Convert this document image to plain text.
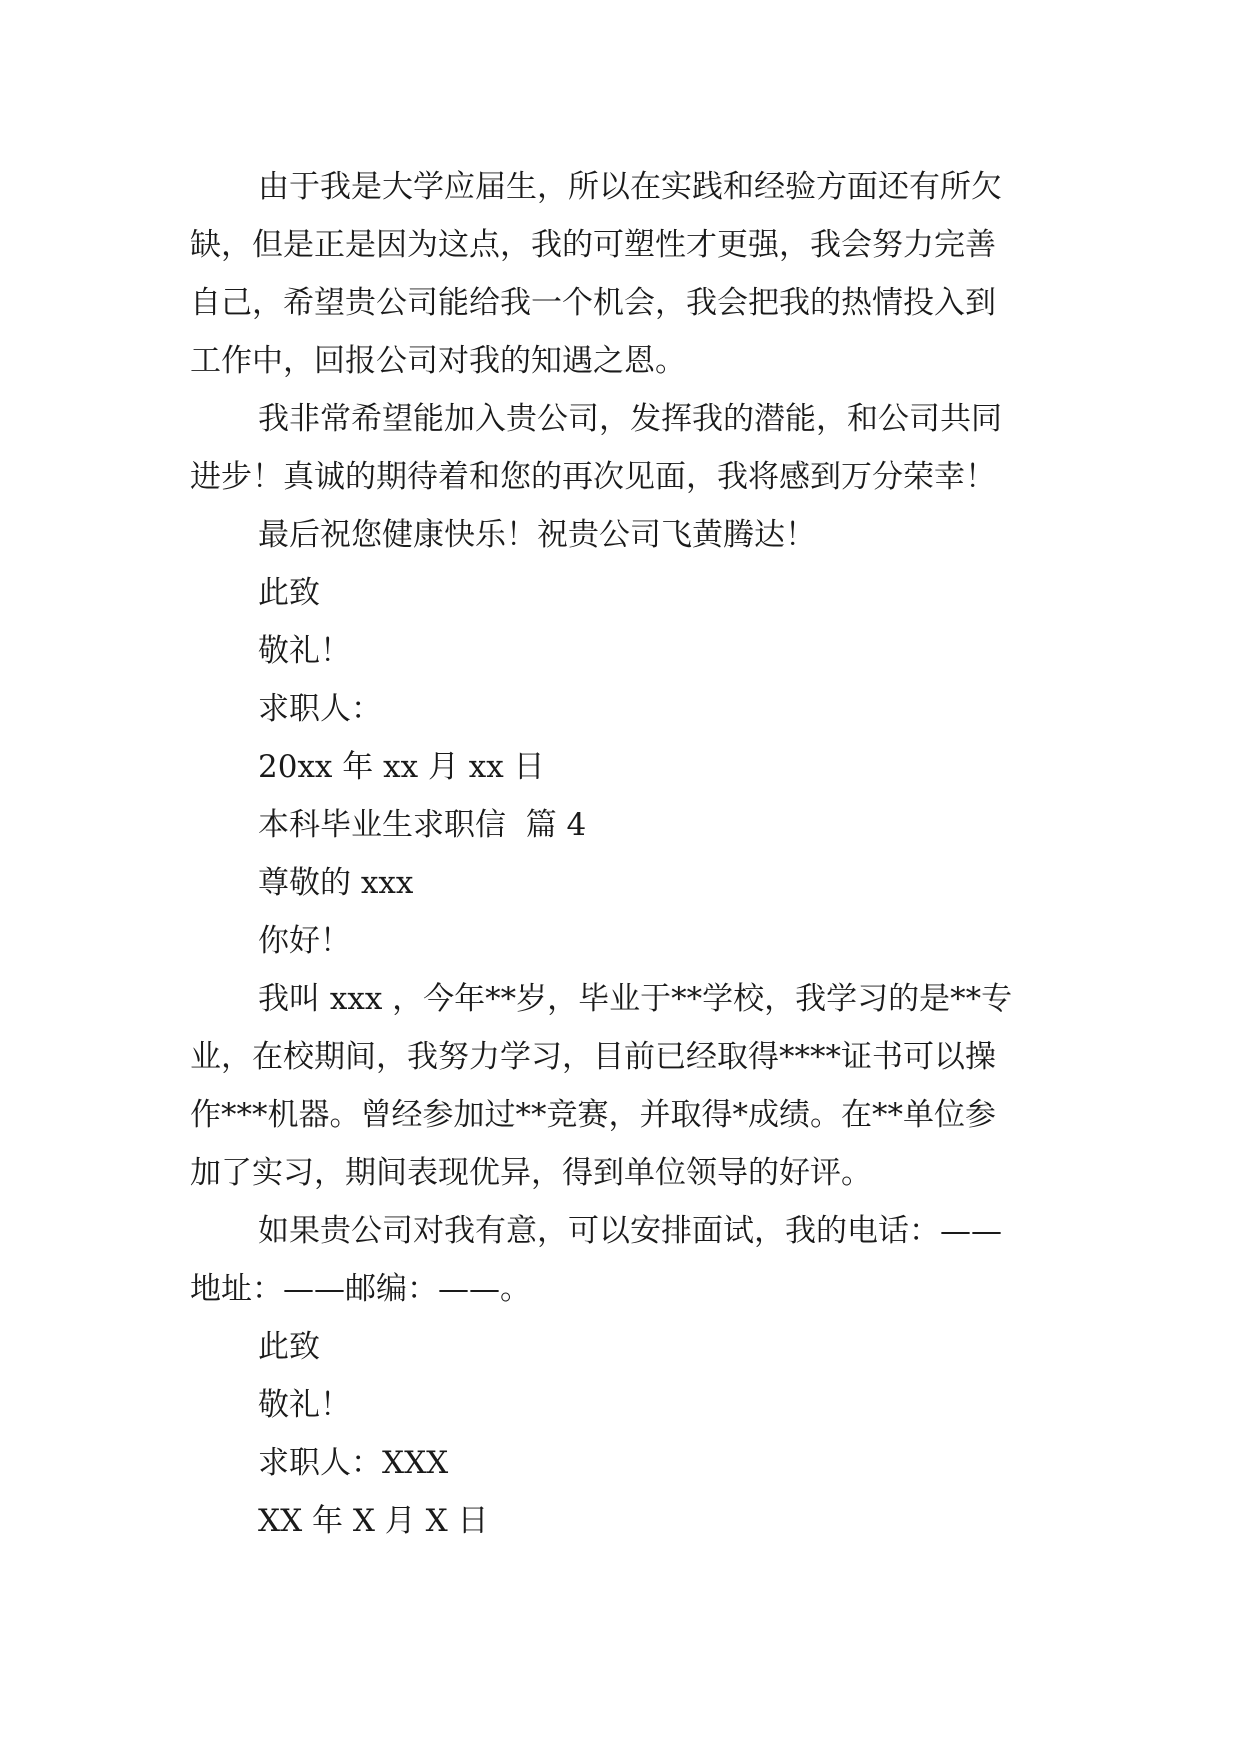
由于我是大学应届生，所以在实践和经验方面还有所欠

缺，但是正是因为这点，我的可塑性才更强，我会努力完善

自己，希望贵公司能给我一个机会，我会把我的热情投入到

工作中，回报公司对我的知遇之恩。

我非常希望能加入贵公司，发挥我的潜能，和公司共同

进步！真诚的期待着和您的再次见面，我将感到万分荣幸！

最后祝您健康快乐！祝贵公司飞黄腾达！

此致

敬礼！

求职人：

20xx 年 xx 月 xx 日

本科毕业生求职信  篇 4

尊敬的 xxx

你好！

我叫 xxx ，今年**岁，毕业于**学校，我学习的是**专

业，在校期间，我努力学习，目前已经取得****证书可以操

作***机器。曾经参加过**竞赛，并取得*成绩。在**单位参

加了实习，期间表现优异，得到单位领导的好评。

如果贵公司对我有意，可以安排面试，我的电话：——

地址：——邮编：——。

此致

敬礼！

求职人：XXX

XX 年 X 月 X 日
